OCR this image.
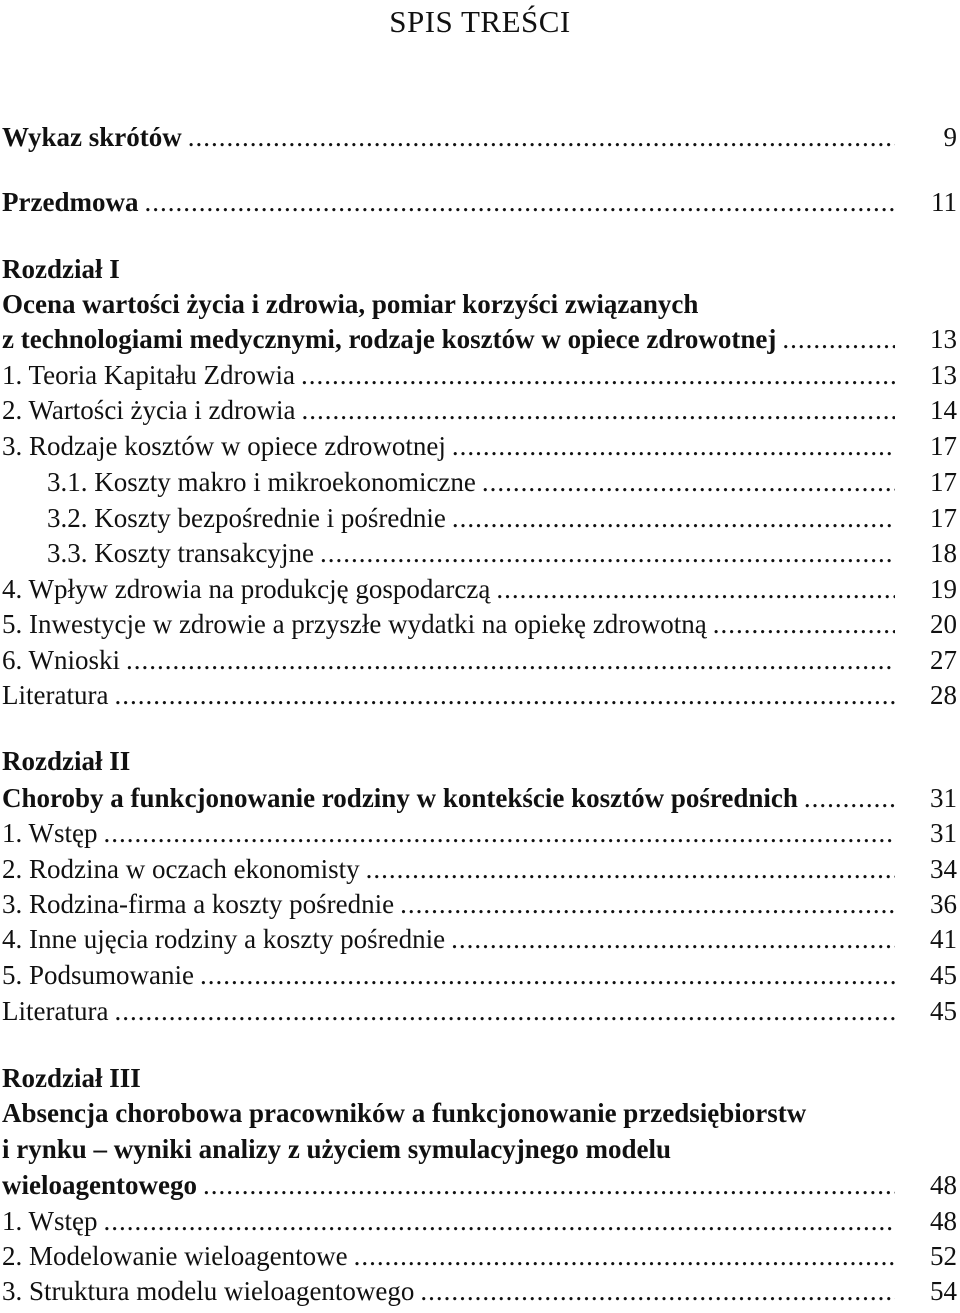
SPIS TREŚCI
Wykaz skrótów .....	9
Przedmowa .....	11
Rozdział I
Ocena wartości życia i zdrowia, pomiar korzyści związanych
z technologiami medycznymi, rodzaje kosztów w opiece zdrowotnej .....	13
1. Teoria Kapitału Zdrowia .....	13
2. Wartości życia i zdrowia .....	14
3. Rodzaje kosztów w opiece zdrowotnej .....	17
3.1. Koszty makro i mikroekonomiczne .....	17
3.2. Koszty bezpośrednie i pośrednie .....	17
3.3. Koszty transakcyjne .....	18
4. Wpływ zdrowia na produkcję gospodarczą .....	19
5. Inwestycje w zdrowie a przyszłe wydatki na opiekę zdrowotną .....	20
6. Wnioski .....	27
Literatura .....	28
Rozdział II
Choroby a funkcjonowanie rodziny w kontekście kosztów pośrednich .....	31
1. Wstęp .....	31
2. Rodzina w oczach ekonomisty .....	34
3. Rodzina-firma a koszty pośrednie .....	36
4. Inne ujęcia rodziny a koszty pośrednie .....	41
5. Podsumowanie .....	45
Literatura .....	45
Rozdział III
Absencja chorobowa pracowników a funkcjonowanie przedsiębiorstw
i rynku – wyniki analizy z użyciem symulacyjnego modelu
wieloagentowego .....	48
1. Wstęp .....	48
2. Modelowanie wieloagentowe .....	52
3. Struktura modelu wieloagentowego .....	54
